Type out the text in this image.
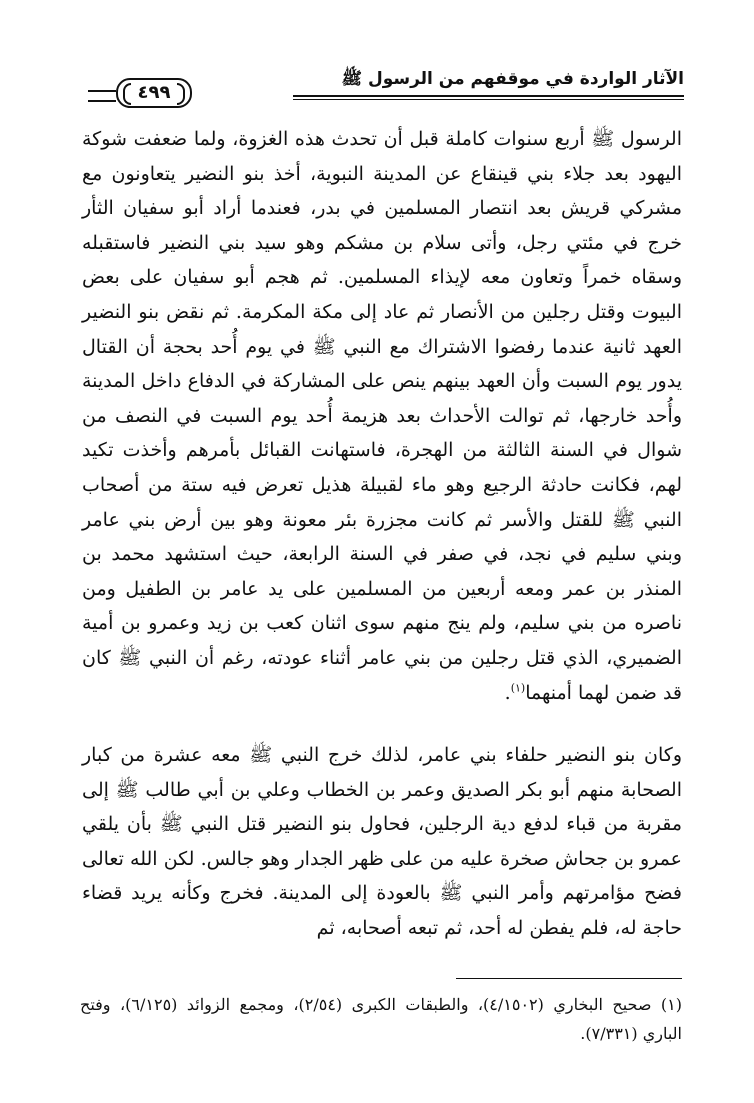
الآثار الواردة في موقفهم من الرسول ﷺ
٤٩٩

الرسول ﷺ أربع سنوات كاملة قبل أن تحدث هذه الغزوة، ولما ضعفت شوكة اليهود بعد جلاء بني قينقاع عن المدينة النبوية، أخذ بنو النضير يتعاونون مع مشركي قريش بعد انتصار المسلمين في بدر، فعندما أراد أبو سفيان الثأر خرج في مئتي رجل، وأتى سلام بن مشكم وهو سيد بني النضير فاستقبله وسقاه خمراً وتعاون معه لإيذاء المسلمين. ثم هجم أبو سفيان على بعض البيوت وقتل رجلين من الأنصار ثم عاد إلى مكة المكرمة. ثم نقض بنو النضير العهد ثانية عندما رفضوا الاشتراك مع النبي ﷺ في يوم أُحد بحجة أن القتال يدور يوم السبت وأن العهد بينهم ينص على المشاركة في الدفاع داخل المدينة وأُحد خارجها، ثم توالت الأحداث بعد هزيمة أُحد يوم السبت في النصف من شوال في السنة الثالثة من الهجرة، فاستهانت القبائل بأمرهم وأخذت تكيد لهم، فكانت حادثة الرجيع وهو ماء لقبيلة هذيل تعرض فيه ستة من أصحاب النبي ﷺ للقتل والأسر ثم كانت مجزرة بئر معونة وهو بين أرض بني عامر وبني سليم في نجد، في صفر في السنة الرابعة، حيث استشهد محمد بن المنذر بن عمر ومعه أربعين من المسلمين على يد عامر بن الطفيل ومن ناصره من بني سليم، ولم ينج منهم سوى اثنان كعب بن زيد وعمرو بن أمية الضميري، الذي قتل رجلين من بني عامر أثناء عودته، رغم أن النبي ﷺ كان قد ضمن لهما أمنهما$^{(١)}$.

وكان بنو النضير حلفاء بني عامر، لذلك خرج النبي ﷺ معه عشرة من كبار الصحابة منهم أبو بكر الصديق وعمر بن الخطاب وعلي بن أبي طالب ﷺ إلى مقربة من قباء لدفع دية الرجلين، فحاول بنو النضير قتل النبي ﷺ بأن يلقي عمرو بن جحاش صخرة عليه من على ظهر الجدار وهو جالس. لكن الله تعالى فضح مؤامرتهم وأمر النبي ﷺ بالعودة إلى المدينة. فخرج وكأنه يريد قضاء حاجة له، فلم يفطن له أحد، ثم تبعه أصحابه، ثم

(١) صحيح البخاري (٤/١٥٠٢)، والطبقات الكبرى (٢/٥٤)، ومجمع الزوائد (٦/١٢٥)، وفتح الباري (٧/٣٣١).
